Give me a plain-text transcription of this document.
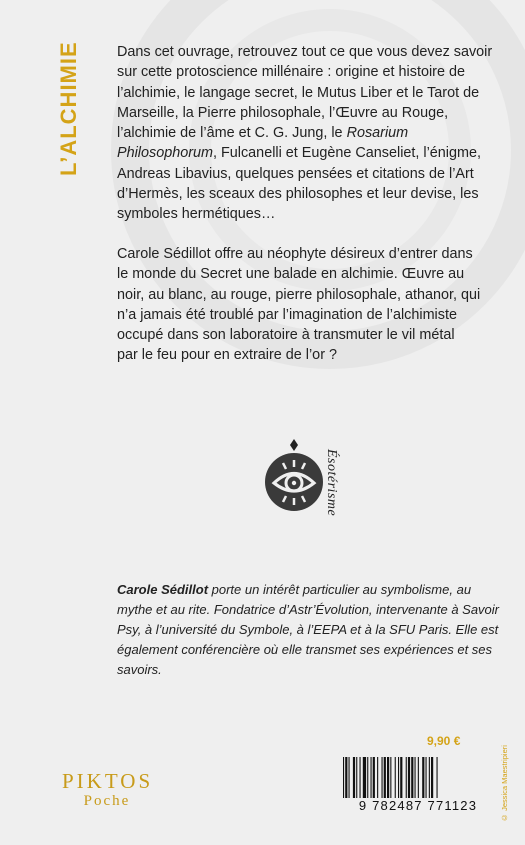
L’ALCHIMIE	Dans cet ouvrage, retrouvez tout ce que vous devez savoir
sur cette protoscience millénaire : origine et histoire de
l’alchimie, le langage secret, le Mutus Liber et le Tarot de
Marseille, la Pierre philosophale, l’Œuvre au Rouge,
l’alchimie de l’âme et C. G. Jung, le Rosarium
Philosophorum, Fulcanelli et Eugène Canseliet, l’énigme,
Andreas Libavius, quelques pensées et citations de l’Art
d’Hermès, les sceaux des philosophes et leur devise, les
symboles hermétiques…
Carole Sédillot offre au néophyte désireux d’entrer dans
le monde du Secret une balade en alchimie. Œuvre au
noir, au blanc, au rouge, pierre philosophale, athanor, qui
n’a jamais été troublé par l’imagination de l’alchimiste
occupé dans son laboratoire à transmuter le vil métal
par le feu pour en extraire de l’or ?
Ésotérisme
Carole Sédillot porte un intérêt particulier au symbolisme, au mythe et au rite. Fondatrice d’Astr’Évolution, intervenante à Savoir Psy, à l’université du Symbole, à l’EEPA et à la SFU Paris. Elle est également conférencière où elle transmet ses expériences et ses savoirs.
9,90 €
9 782487 771123	© Jessica Maestripieri
PIKTOS
Poche
